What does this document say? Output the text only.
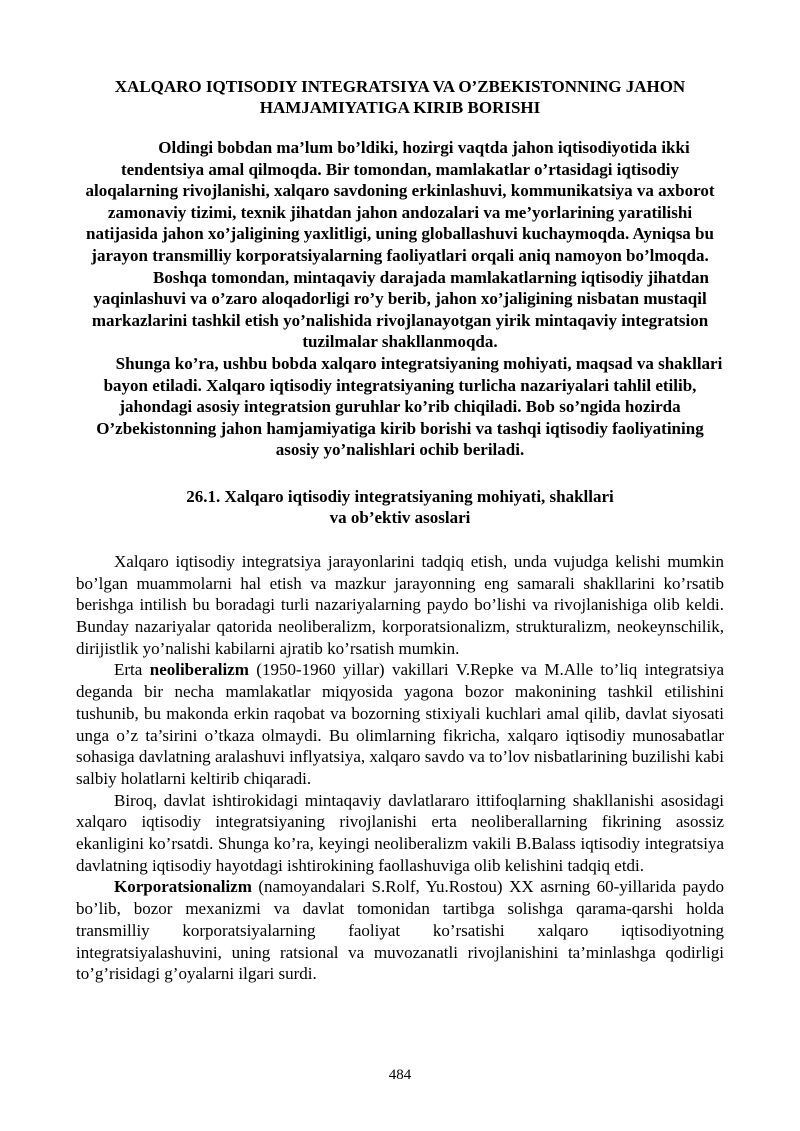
XALQARO IQTISODIY INTEGRATSIYA VA O’ZBEKISTONNING JAHON
HAMJAMIYATIGA KIRIB BORISHI

Oldingi bobdan ma’lum bo’ldiki, hozirgi vaqtda jahon iqtisodiyotida ikki tendentsiya amal qilmoqda. Bir tomondan, mamlakatlar o’rtasidagi iqtisodiy aloqalarning rivojlanishi, xalqaro savdoning erkinlashuvi, kommunikatsiya va axborot zamonaviy tizimi, texnik jihatdan jahon andozalari va me’yorlarining yaratilishi natijasida jahon xo’jaligining yaxlitligi, uning globallashuvi kuchaymoqda. Ayniqsa bu jarayon transmilliy korporatsiyalarning faoliyatlari orqali aniq namoyon bo’lmoqda.

Boshqa tomondan, mintaqaviy darajada mamlakatlarning iqtisodiy jihatdan yaqinlashuvi va o’zaro aloqadorligi ro’y berib, jahon xo’jaligining nisbatan mustaqil markazlarini tashkil etish yo’nalishida rivojlanayotgan yirik mintaqaviy integratsion tuzilmalar shakllanmoqda.

Shunga ko’ra, ushbu bobda xalqaro integratsiyaning mohiyati, maqsad va shakllari bayon etiladi. Xalqaro iqtisodiy integratsiyaning turlicha nazariyalari tahlil etilib, jahondagi asosiy integratsion guruhlar ko’rib chiqiladi. Bob so’ngida hozirda O’zbekistonning jahon hamjamiyatiga kirib borishi va tashqi iqtisodiy faoliyatining asosiy yo’nalishlari ochib beriladi.

26.1. Xalqaro iqtisodiy integratsiyaning mohiyati, shakllari
va ob’ektiv asoslari

Xalqaro iqtisodiy integratsiya jarayonlarini tadqiq etish, unda vujudga kelishi mumkin bo’lgan muammolarni hal etish va mazkur jarayonning eng samarali shakllarini ko’rsatib berishga intilish bu boradagi turli nazariyalarning paydo bo’lishi va rivojlanishiga olib keldi. Bunday nazariyalar qatorida neoliberalizm, korporatsionalizm, strukturalizm, neokeynschilik, dirijistlik yo’nalishi kabilarni ajratib ko’rsatish mumkin.

Erta neoliberalizm (1950-1960 yillar) vakillari V.Repke va M.Alle to’liq integratsiya deganda bir necha mamlakatlar miqyosida yagona bozor makonining tashkil etilishini tushunib, bu makonda erkin raqobat va bozorning stixiyali kuchlari amal qilib, davlat siyosati unga o’z ta’sirini o’tkaza olmaydi. Bu olimlarning fikricha, xalqaro iqtisodiy munosabatlar sohasiga davlatning aralashuvi inflyatsiya, xalqaro savdo va to’lov nisbatlarining buzilishi kabi salbiy holatlarni keltirib chiqaradi.

Biroq, davlat ishtirokidagi mintaqaviy davlatlararo ittifoqlarning shakllanishi asosidagi xalqaro iqtisodiy integratsiyaning rivojlanishi erta neoliberallarning fikrining asossiz ekanligini ko’rsatdi. Shunga ko’ra, keyingi neoliberalizm vakili B.Balass iqtisodiy integratsiya davlatning iqtisodiy hayotdagi ishtirokining faollashuviga olib kelishini tadqiq etdi.

Korporatsionalizm (namoyandalari S.Rolf, Yu.Rostou) XX asrning 60-yillarida paydo bo’lib, bozor mexanizmi va davlat tomonidan tartibga solishga qarama-qarshi holda transmilliy korporatsiyalarning faoliyat ko’rsatishi xalqaro iqtisodiyotning integratsiyalashuvini, uning ratsional va muvozanatli rivojlanishini ta’minlashga qodirligi to’g’risidagi g’oyalarni ilgari surdi.

484
